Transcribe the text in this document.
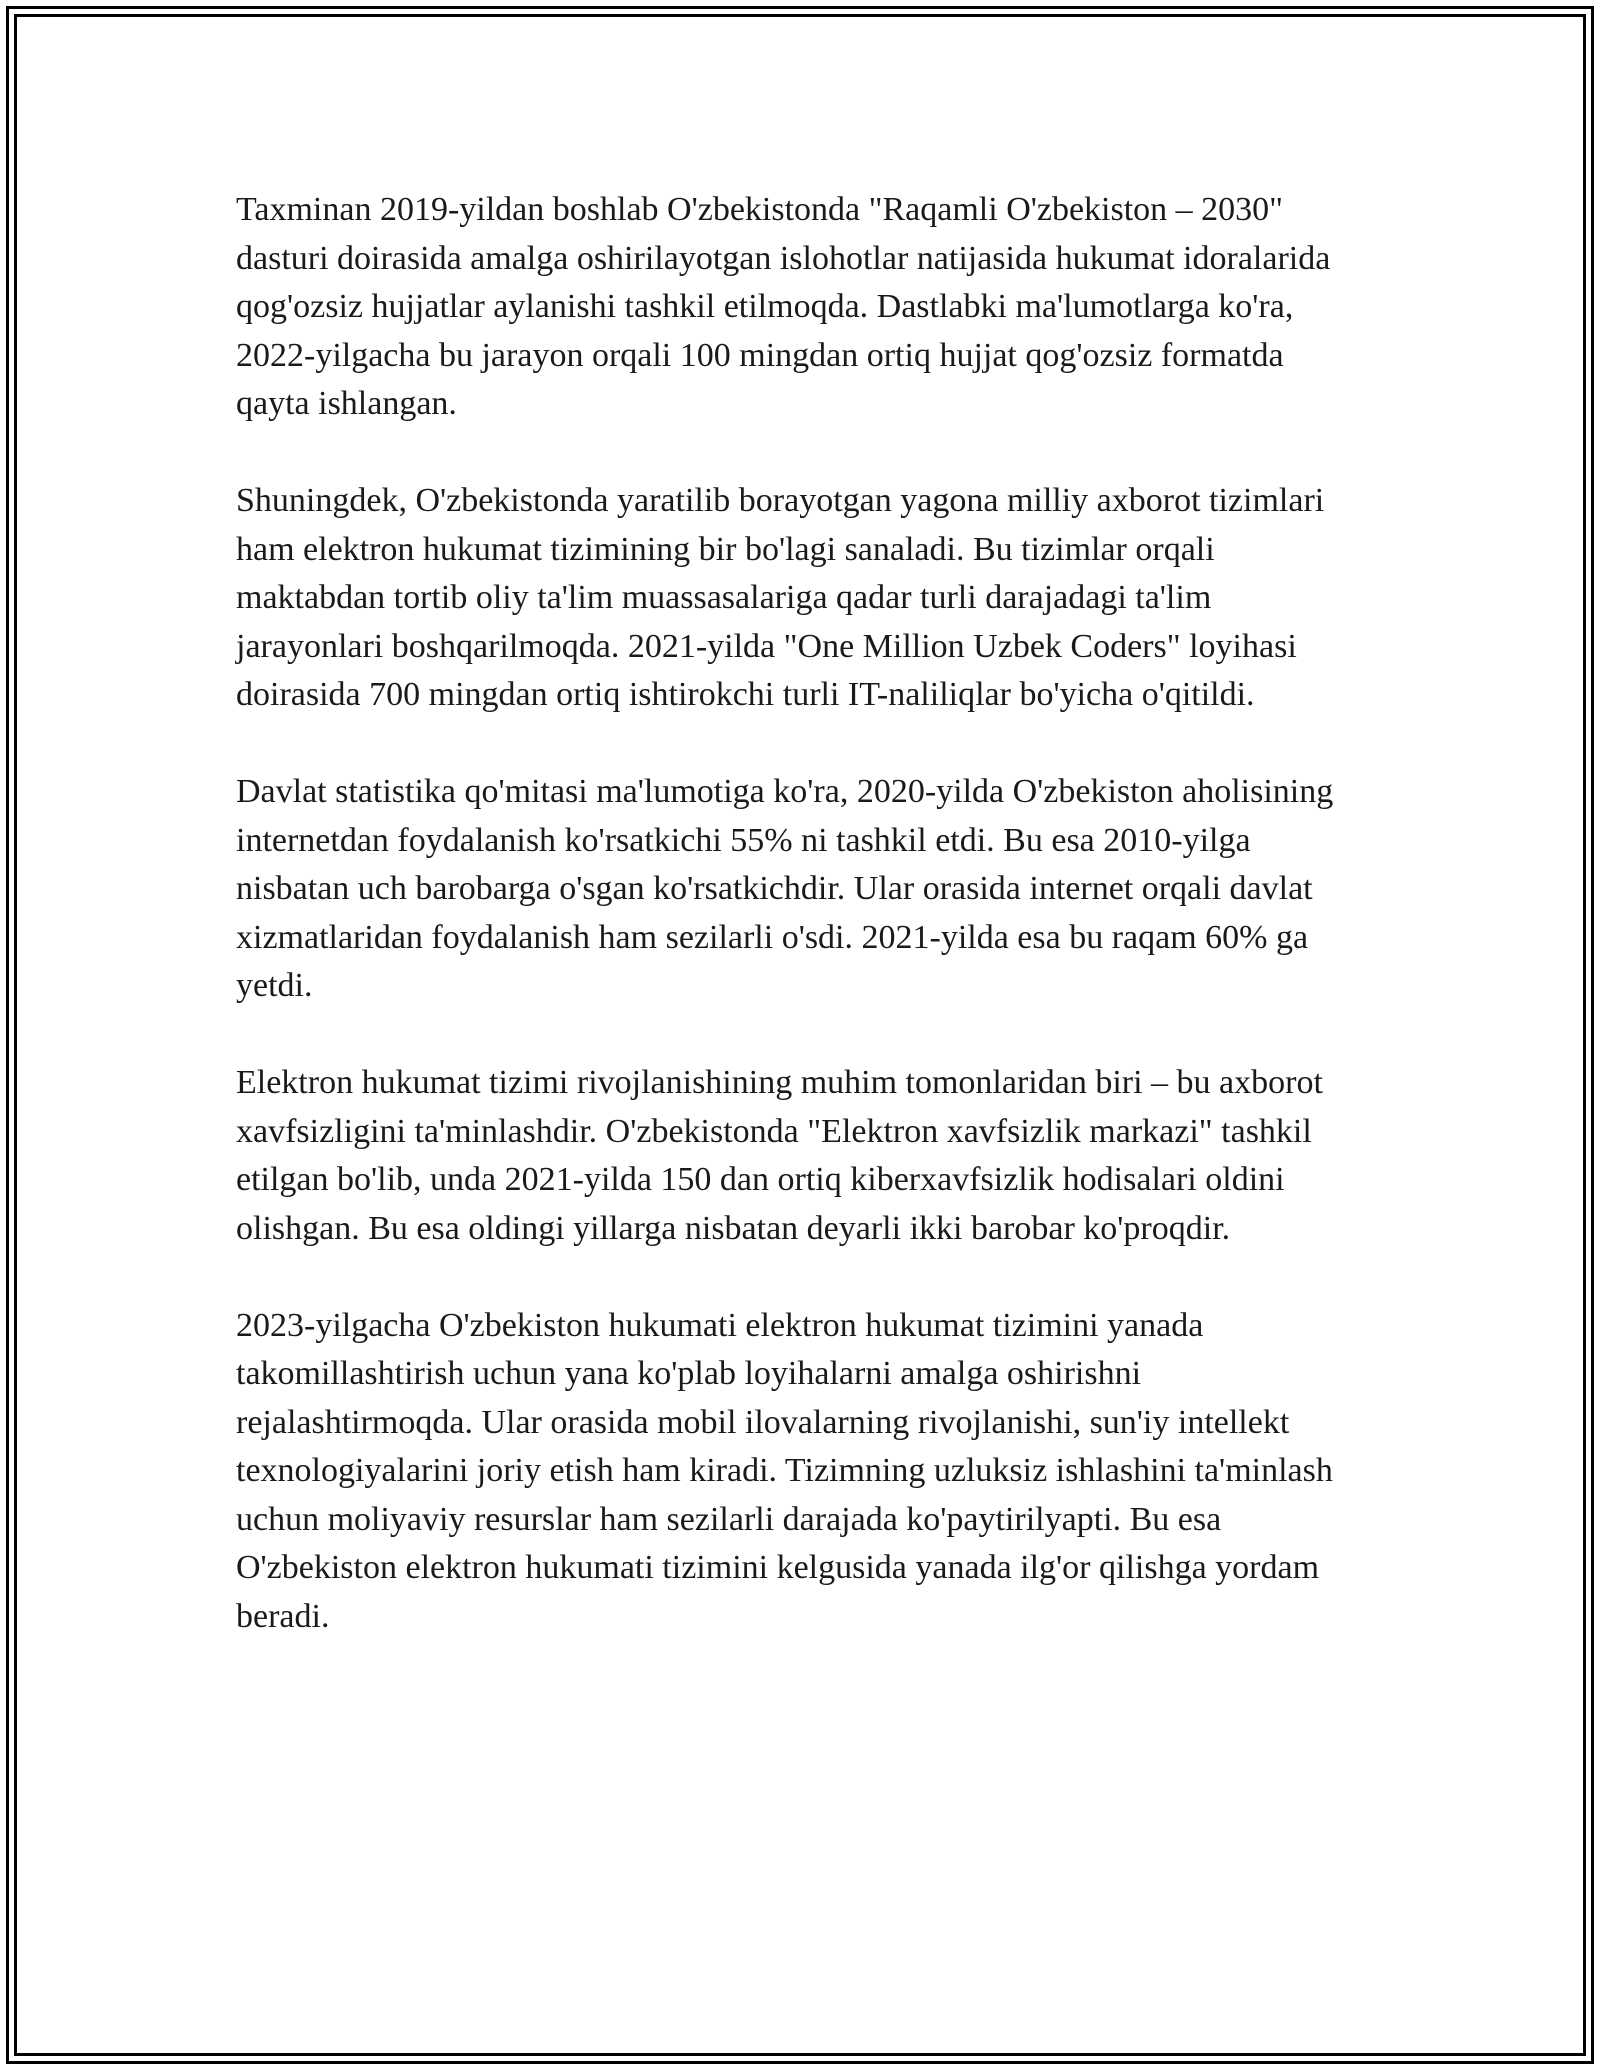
Taxminan 2019-yildan boshlab O'zbekistonda "Raqamli O'zbekiston – 2030" dasturi doirasida amalga oshirilayotgan islohotlar natijasida hukumat idoralarida qog'ozsiz hujjatlar aylanishi tashkil etilmoqda. Dastlabki ma'lumotlarga ko'ra, 2022-yilgacha bu jarayon orqali 100 mingdan ortiq hujjat qog'ozsiz formatda qayta ishlangan.

Shuningdek, O'zbekistonda yaratilib borayotgan yagona milliy axborot tizimlari ham elektron hukumat tizimining bir bo'lagi sanaladi. Bu tizimlar orqali maktabdan tortib oliy ta'lim muassasalariga qadar turli darajadagi ta'lim jarayonlari boshqarilmoqda. 2021-yilda "One Million Uzbek Coders" loyihasi doirasida 700 mingdan ortiq ishtirokchi turli IT-naliliqlar bo'yicha o'qitildi.

Davlat statistika qo'mitasi ma'lumotiga ko'ra, 2020-yilda O'zbekiston aholisining internetdan foydalanish ko'rsatkichi 55% ni tashkil etdi. Bu esa 2010-yilga nisbatan uch barobarga o'sgan ko'rsatkichdir. Ular orasida internet orqali davlat xizmatlaridan foydalanish ham sezilarli o'sdi. 2021-yilda esa bu raqam 60% ga yetdi.

Elektron hukumat tizimi rivojlanishining muhim tomonlaridan biri – bu axborot xavfsizligini ta'minlashdir. O'zbekistonda "Elektron xavfsizlik markazi" tashkil etilgan bo'lib, unda 2021-yilda 150 dan ortiq kiberxavfsizlik hodisalari oldini olishgan. Bu esa oldingi yillarga nisbatan deyarli ikki barobar ko'proqdir.

2023-yilgacha O'zbekiston hukumati elektron hukumat tizimini yanada takomillashtirish uchun yana ko'plab loyihalarni amalga oshirishni rejalashtirmoqda. Ular orasida mobil ilovalarning rivojlanishi, sun'iy intellekt texnologiyalarini joriy etish ham kiradi. Tizimning uzluksiz ishlashini ta'minlash uchun moliyaviy resurslar ham sezilarli darajada ko'paytirilyapti. Bu esa O'zbekiston elektron hukumati tizimini kelgusida yanada ilg'or qilishga yordam beradi.
